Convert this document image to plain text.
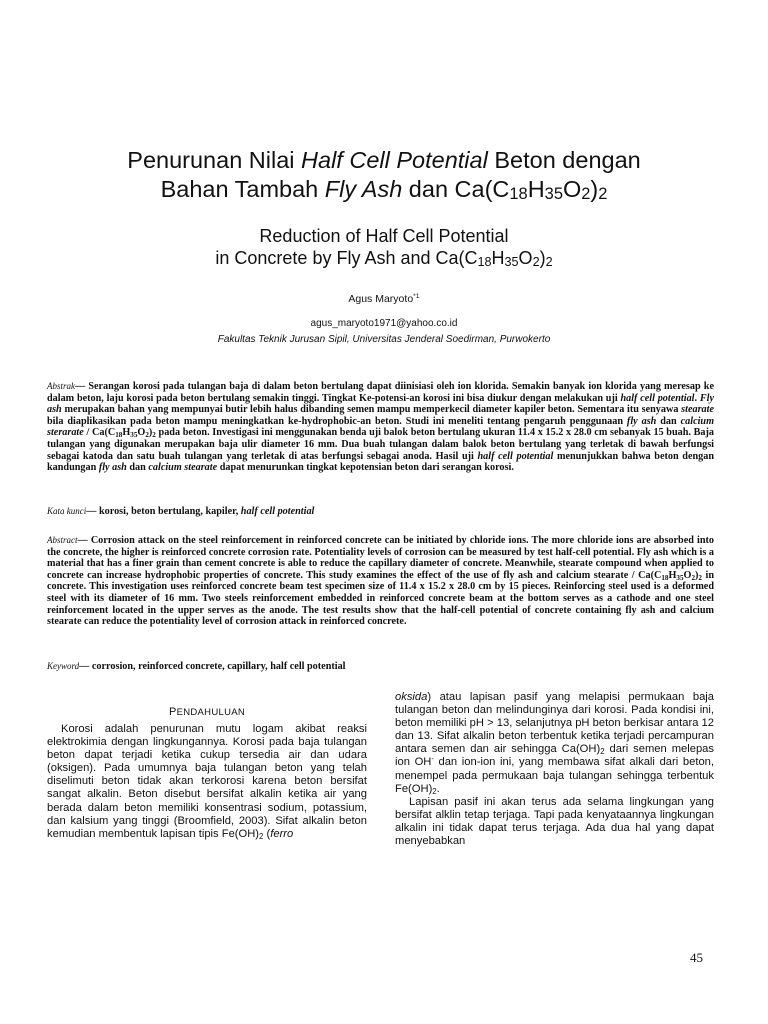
Penurunan Nilai Half Cell Potential Beton dengan
Bahan Tambah Fly Ash dan $Ca(C_{18}H_{35}O_2)_2$
Reduction of Half Cell Potential
in Concrete by Fly Ash and $Ca(C_{18}H_{35}O_2)_2$
Agus Maryoto$^{*1}$
agus_maryoto1971@yahoo.co.id
Fakultas Teknik Jurusan Sipil, Universitas Jenderal Soedirman, Purwokerto
Abstrak— Serangan korosi pada tulangan baja di dalam beton bertulang dapat diinisiasi oleh ion klorida. Semakin banyak ion klorida yang meresap ke dalam beton, laju korosi pada beton bertulang semakin tinggi. Tingkat Ke-potensi-an korosi ini bisa diukur dengan melakukan uji half cell potential. Fly ash merupakan bahan yang mempunyai butir lebih halus dibanding semen mampu memperkecil diameter kapiler beton. Sementara itu senyawa stearate bila diaplikasikan pada beton mampu meningkatkan ke-hydrophobic-an beton. Studi ini meneliti tentang pengaruh penggunaan fly ash dan calcium sterarate / $Ca(C_{18}H_{35}O_2)_2$ pada beton. Investigasi ini menggunakan benda uji balok beton bertulang ukuran 11.4 x 15.2 x 28.0 cm sebanyak 15 buah. Baja tulangan yang digunakan merupakan baja ulir diameter 16 mm. Dua buah tulangan dalam balok beton bertulang yang terletak di bawah berfungsi sebagai katoda dan satu buah tulangan yang terletak di atas berfungsi sebagai anoda. Hasil uji half cell potential menunjukkan bahwa beton dengan kandungan fly ash dan calcium stearate dapat menurunkan tingkat kepotensian beton dari serangan korosi.
Kata kunci— korosi, beton bertulang, kapiler, half cell potential
Abstract— Corrosion attack on the steel reinforcement in reinforced concrete can be initiated by chloride ions. The more chloride ions are absorbed into the concrete, the higher is reinforced concrete corrosion rate. Potentiality levels of corrosion can be measured by test half-cell potential. Fly ash which is a material that has a finer grain than cement concrete is able to reduce the capillary diameter of concrete. Meanwhile, stearate compound when applied to concrete can increase hydrophobic properties of concrete. This study examines the effect of the use of fly ash and calcium stearate / $Ca(C_{18}H_{35}O_2)_2$ in concrete. This investigation uses reinforced concrete beam test specimen size of 11.4 x 15.2 x 28.0 cm by 15 pieces. Reinforcing steel used is a deformed steel with its diameter of 16 mm. Two steels reinforcement embedded in reinforced concrete beam at the bottom serves as a cathode and one steel reinforcement located in the upper serves as the anode. The test results show that the half-cell potential of concrete containing fly ash and calcium stearate can reduce the potentiality level of corrosion attack in reinforced concrete.
Keyword— corrosion, reinforced concrete, capillary, half cell potential
PENDAHULUAN

Korosi adalah penurunan mutu logam akibat reaksi elektrokimia dengan lingkungannya. Korosi pada baja tulangan beton dapat terjadi ketika cukup tersedia air dan udara (oksigen). Pada umumnya baja tulangan beton yang telah diselimuti beton tidak akan terkorosi karena beton bersifat sangat alkalin. Beton disebut bersifat alkalin ketika air yang berada dalam beton memiliki konsentrasi sodium, potassium, dan kalsium yang tinggi (Broomfield, 2003). Sifat alkalin beton kemudian membentuk lapisan tipis $Fe(OH)_2$ (ferro

oksida) atau lapisan pasif yang melapisi permukaan baja tulangan beton dan melindunginya dari korosi. Pada kondisi ini, beton memiliki pH > 13, selanjutnya pH beton berkisar antara 12 dan 13. Sifat alkalin beton terbentuk ketika terjadi percampuran antara semen dan air sehingga $Ca(OH)_2$ dari semen melepas ion OH- dan ion-ion ini, yang membawa sifat alkali dari beton, menempel pada permukaan baja tulangan sehingga terbentuk $Fe(OH)_2$.

Lapisan pasif ini akan terus ada selama lingkungan yang bersifat alklin tetap terjaga. Tapi pada kenyataannya lingkungan alkalin ini tidak dapat terus terjaga. Ada dua hal yang dapat menyebabkan

45
